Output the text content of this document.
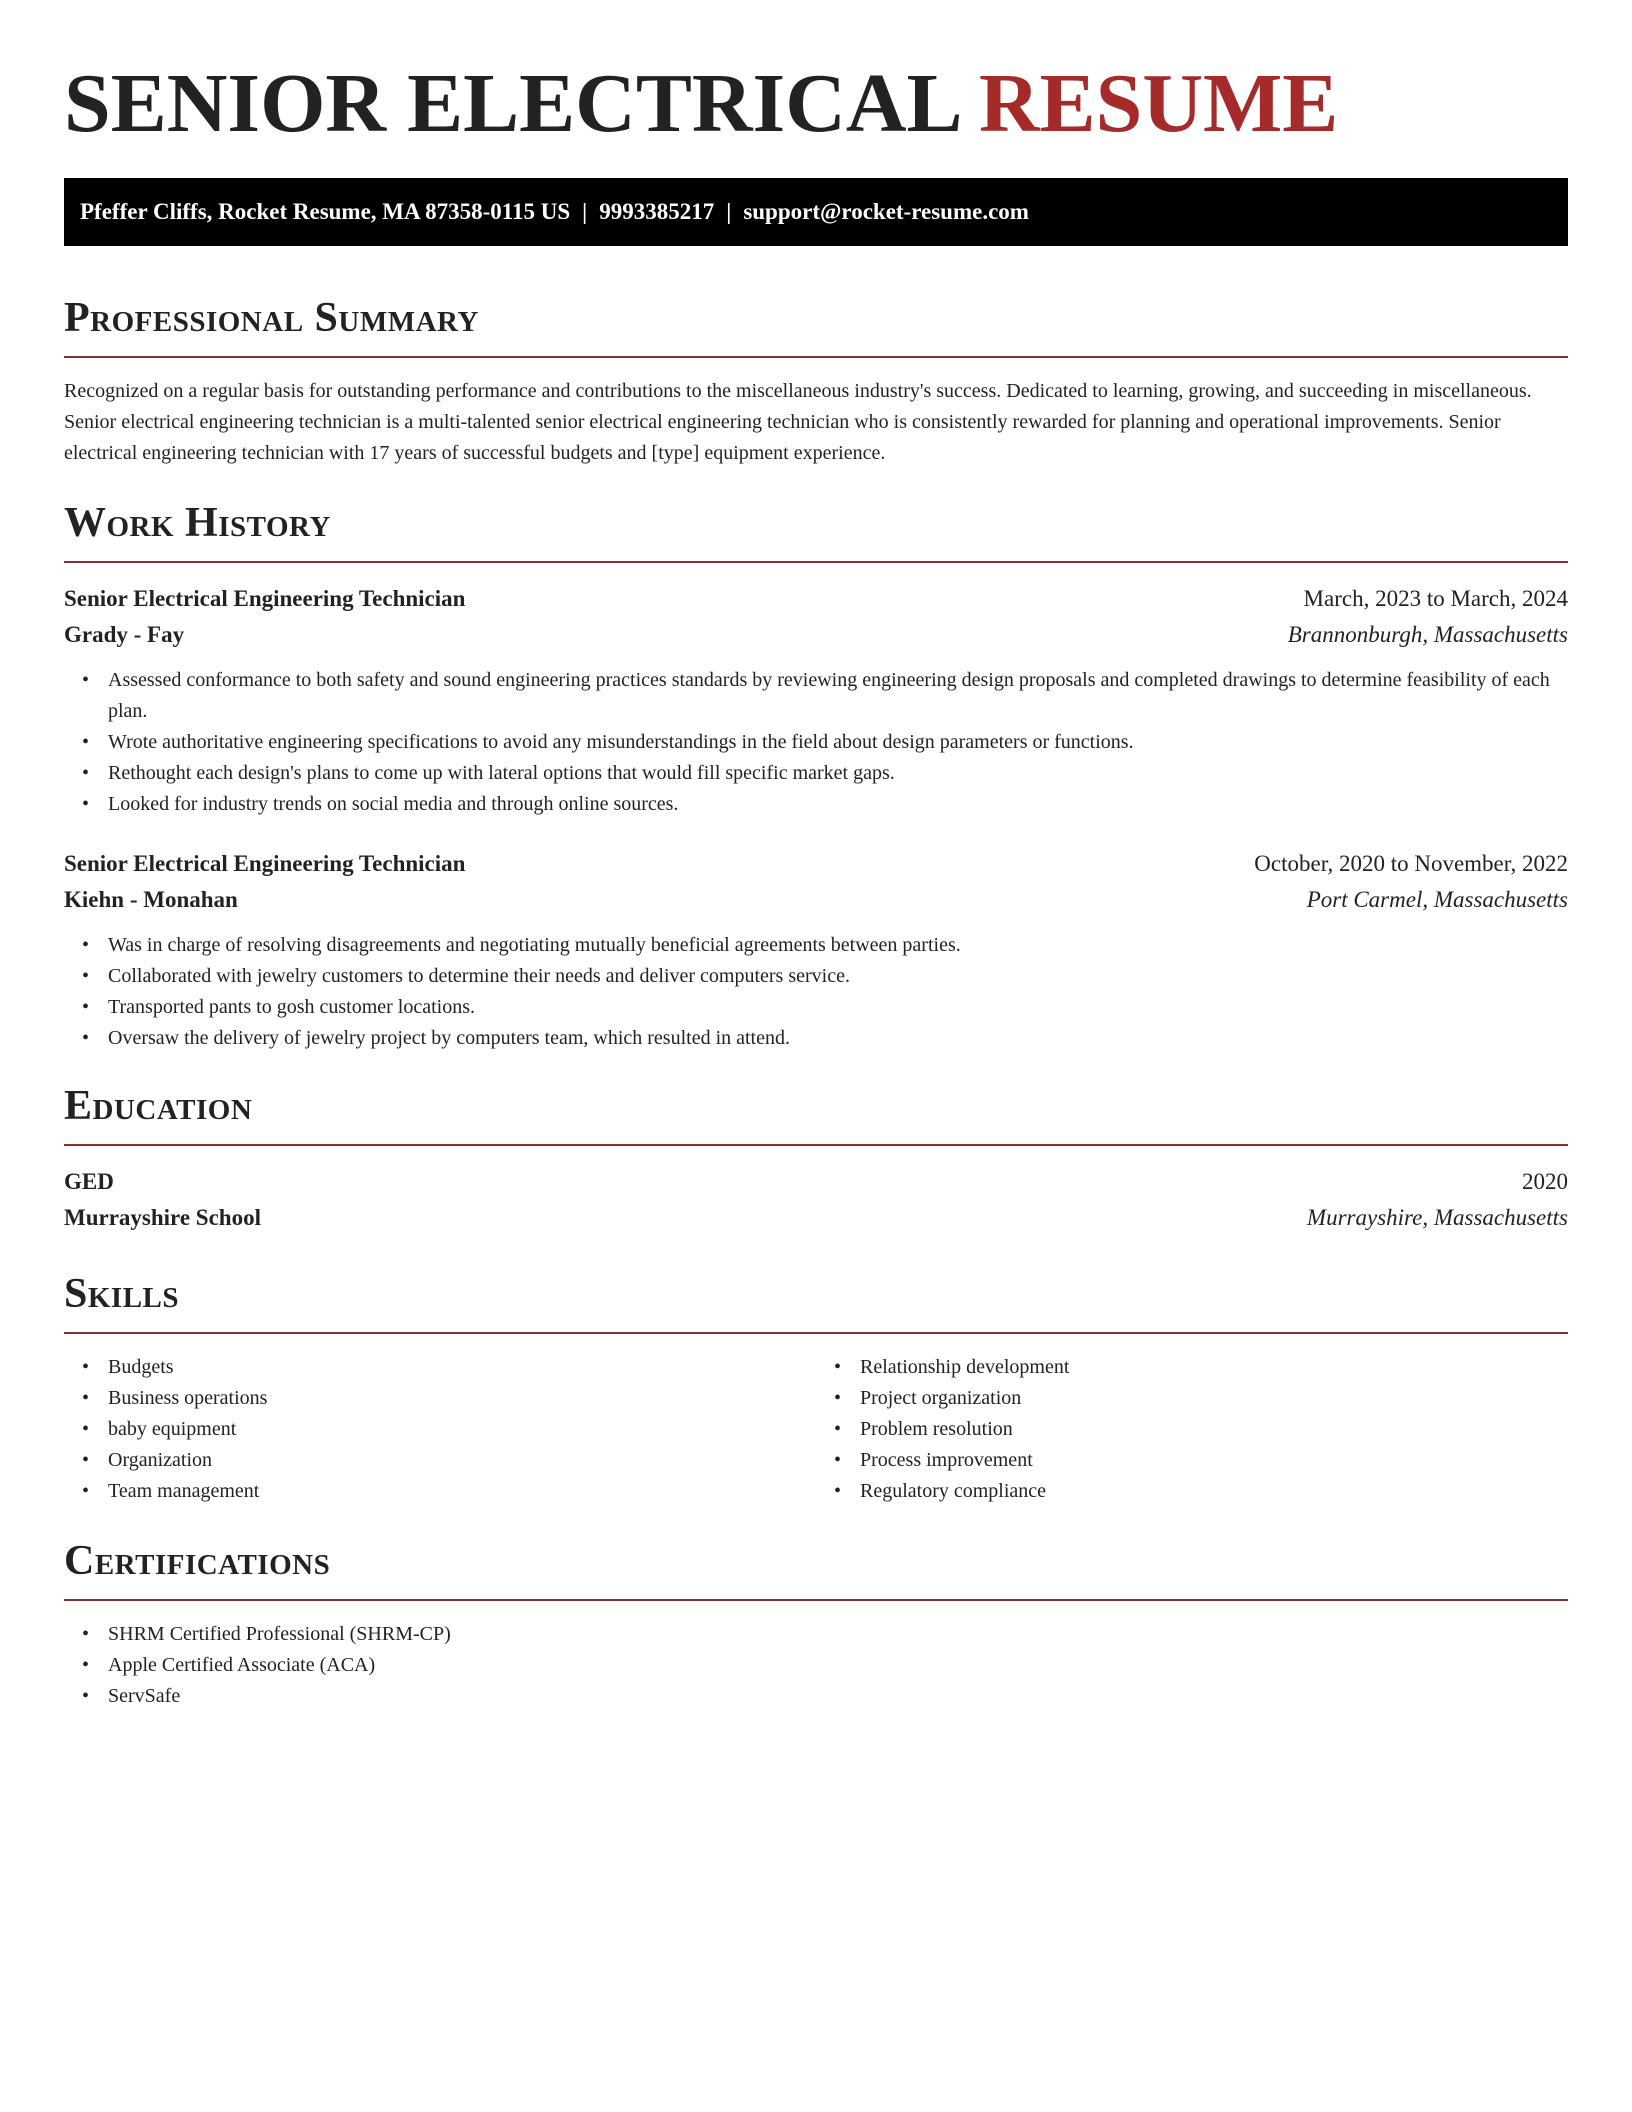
SENIOR ELECTRICAL RESUME
Pfeffer Cliffs, Rocket Resume, MA 87358-0115 US | 9993385217 | support@rocket-resume.com
Professional Summary

Recognized on a regular basis for outstanding performance and contributions to the miscellaneous industry's success. Dedicated to learning, growing, and succeeding in miscellaneous. Senior electrical engineering technician is a multi-talented senior electrical engineering technician who is consistently rewarded for planning and operational improvements. Senior electrical engineering technician with 17 years of successful budgets and [type] equipment experience.

Work History
Senior Electrical Engineering Technician	March, 2023 to March, 2024
Grady - Fay	Brannonburgh, Massachusetts
• Assessed conformance to both safety and sound engineering practices standards by reviewing engineering design proposals and completed drawings to determine feasibility of each plan.
• Wrote authoritative engineering specifications to avoid any misunderstandings in the field about design parameters or functions.
• Rethought each design's plans to come up with lateral options that would fill specific market gaps.
• Looked for industry trends on social media and through online sources.
Senior Electrical Engineering Technician	October, 2020 to November, 2022
Kiehn - Monahan	Port Carmel, Massachusetts
• Was in charge of resolving disagreements and negotiating mutually beneficial agreements between parties.
• Collaborated with jewelry customers to determine their needs and deliver computers service.
• Transported pants to gosh customer locations.
• Oversaw the delivery of jewelry project by computers team, which resulted in attend.
Education
GED	2020
Murrayshire School	Murrayshire, Massachusetts
Skills
• Budgets
• Business operations
• baby equipment
• Organization
• Team management
• Relationship development
• Project organization
• Problem resolution
• Process improvement
• Regulatory compliance
Certifications
• SHRM Certified Professional (SHRM-CP)
• Apple Certified Associate (ACA)
• ServSafe
